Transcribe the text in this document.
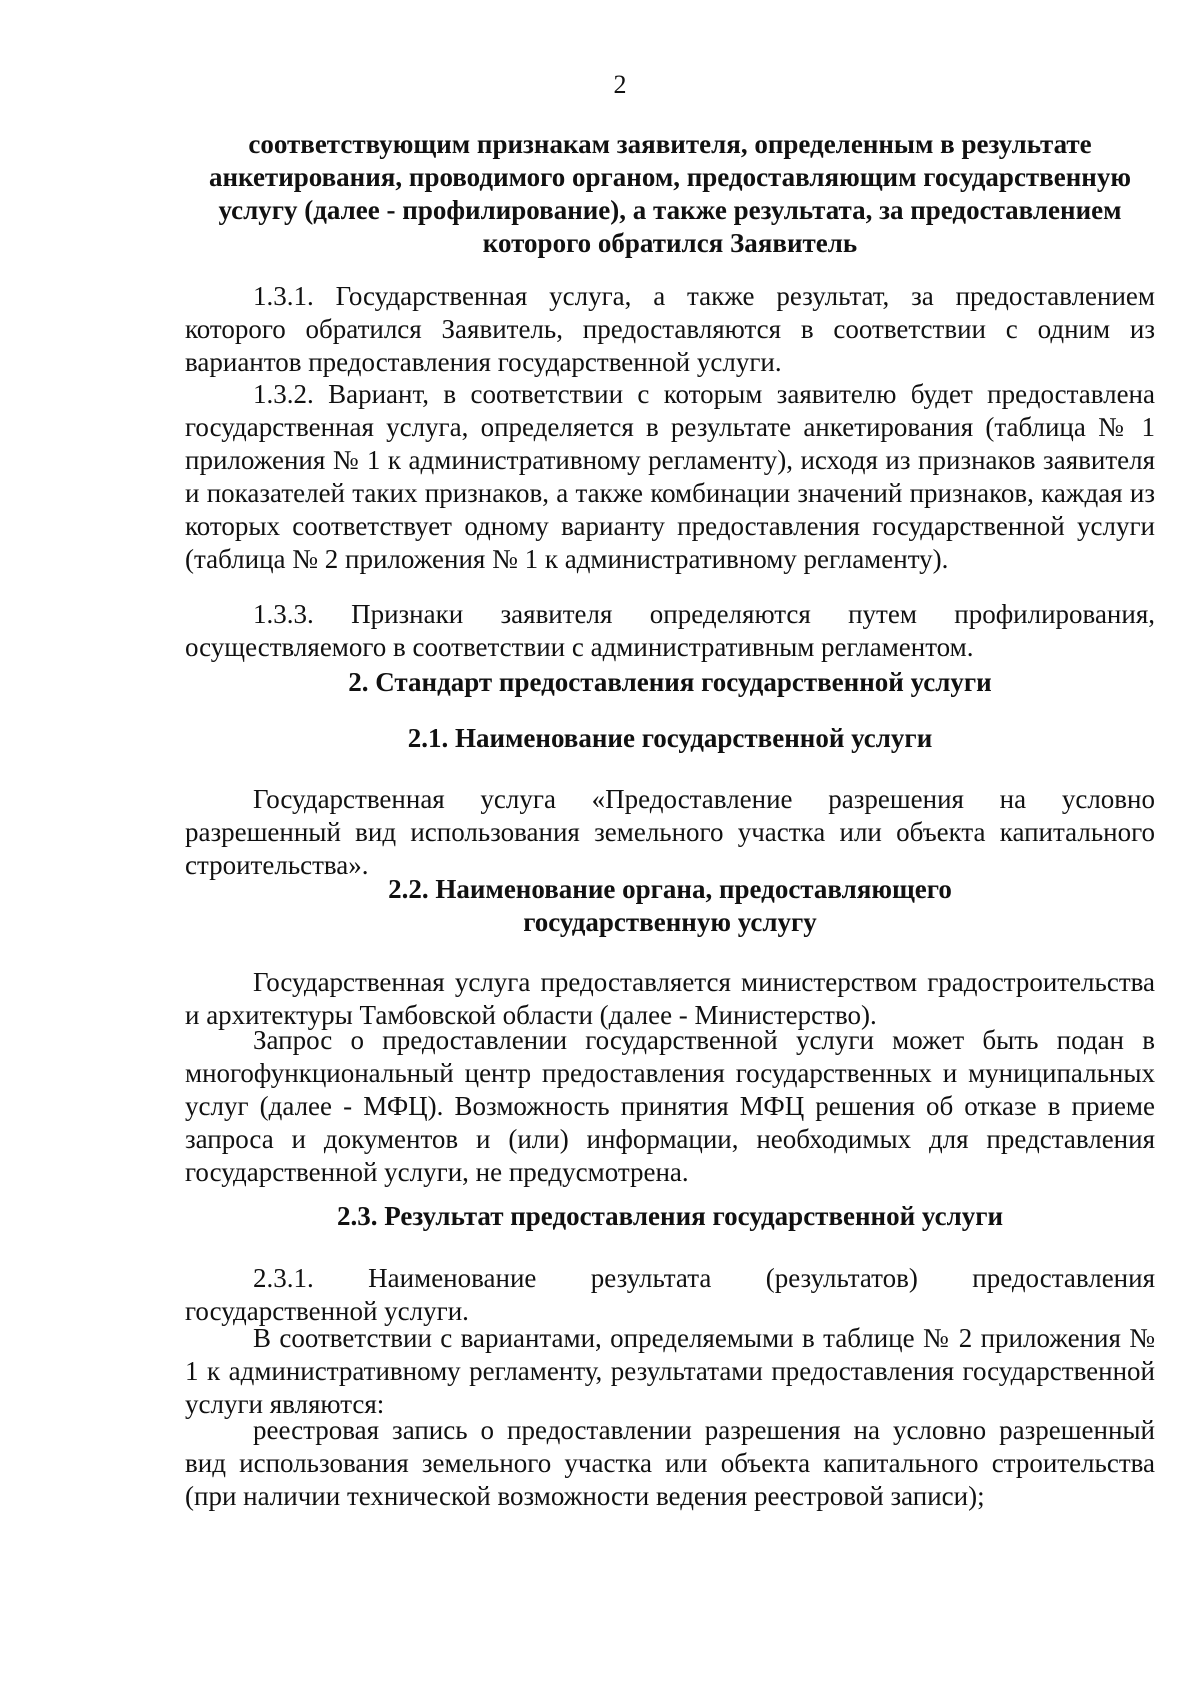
2
соответствующим признакам заявителя, определенным в результате анкетирования, проводимого органом, предоставляющим государственную услугу (далее - профилирование), а также результата, за предоставлением которого обратился Заявитель

1.3.1. Государственная услуга, а также результат, за предоставлением которого обратился Заявитель, предоставляются в соответствии с одним из вариантов предоставления государственной услуги.

1.3.2. Вариант, в соответствии с которым заявителю будет предоставлена государственная услуга, определяется в результате анкетирования (таблица № 1 приложения № 1 к административному регламенту), исходя из признаков заявителя и показателей таких признаков, а также комбинации значений признаков, каждая из которых соответствует одному варианту предоставления государственной услуги (таблица № 2 приложения № 1 к административному регламенту).

1.3.3. Признаки заявителя определяются путем профилирования, осуществляемого в соответствии с административным регламентом.

2. Стандарт предоставления государственной услуги
2.1. Наименование государственной услуги

Государственная услуга «Предоставление разрешения на условно разрешенный вид использования земельного участка или объекта капитального строительства».

2.2. Наименование органа, предоставляющего
государственную услугу

Государственная услуга предоставляется министерством градостроительства и архитектуры Тамбовской области (далее - Министерство).

Запрос о предоставлении государственной услуги может быть подан в многофункциональный центр предоставления государственных и муниципальных услуг (далее - МФЦ). Возможность принятия МФЦ решения об отказе в приеме запроса и документов и (или) информации, необходимых для представления государственной услуги, не предусмотрена.

2.3. Результат предоставления государственной услуги

2.3.1. Наименование результата (результатов) предоставления государственной услуги.

В соответствии с вариантами, определяемыми в таблице № 2 приложения № 1 к административному регламенту, результатами предоставления государственной услуги являются:

реестровая запись о предоставлении разрешения на условно разрешенный вид использования земельного участка или объекта капитального строительства (при наличии технической возможности ведения реестровой записи);
